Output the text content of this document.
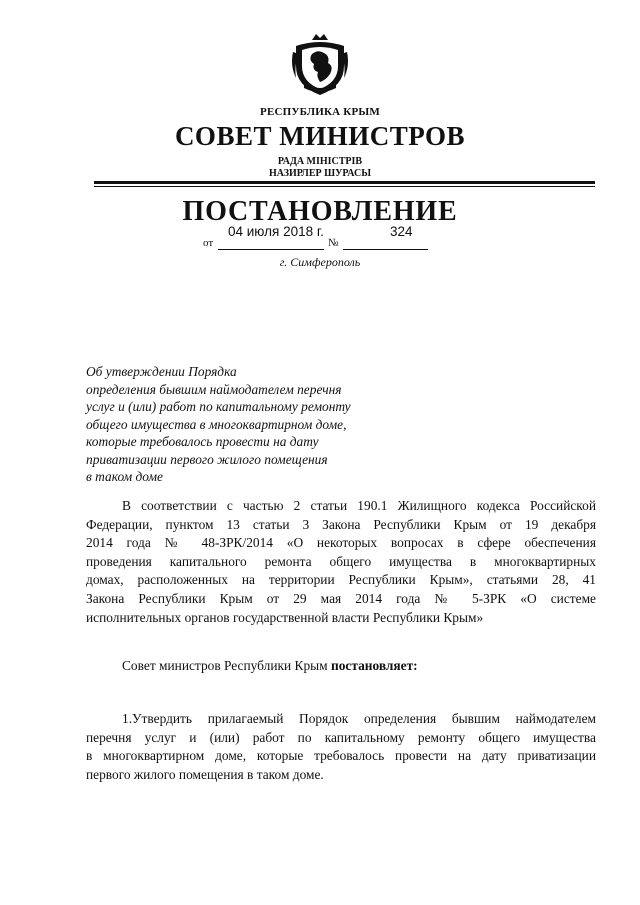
РЕСПУБЛИКА КРЫМ
СОВЕТ МИНИСТРОВ
РАДА МІНІСТРІВ
НАЗИРЛЕР ШУРАСЫ
ПОСТАНОВЛЕНИЕ
04 июля 2018 г.	324
от	№
г. Симферополь
Об утверждении Порядка
определения бывшим наймодателем перечня
услуг и (или) работ по капитальному ремонту
общего имущества в многоквартирном доме,
которые требовалось провести на дату
приватизации первого жилого помещения
в таком доме
В соответствии с частью 2 статьи 190.1 Жилищного кодекса Российской
Федерации, пунктом 13 статьи 3 Закона Республики Крым от 19 декабря
2014 года № 48-ЗРК/2014 «О некоторых вопросах в сфере обеспечения
проведения капитального ремонта общего имущества в многоквартирных
домах, расположенных на территории Республики Крым», статьями 28, 41
Закона Республики Крым от 29 мая 2014 года № 5-ЗРК «О системе
исполнительных органов государственной власти Республики Крым»
Совет министров Республики Крым постановляет:
1.Утвердить прилагаемый Порядок определения бывшим наймодателем
перечня услуг и (или) работ по капитальному ремонту общего имущества
в многоквартирном доме, которые требовалось провести на дату приватизации
первого жилого помещения в таком доме.
